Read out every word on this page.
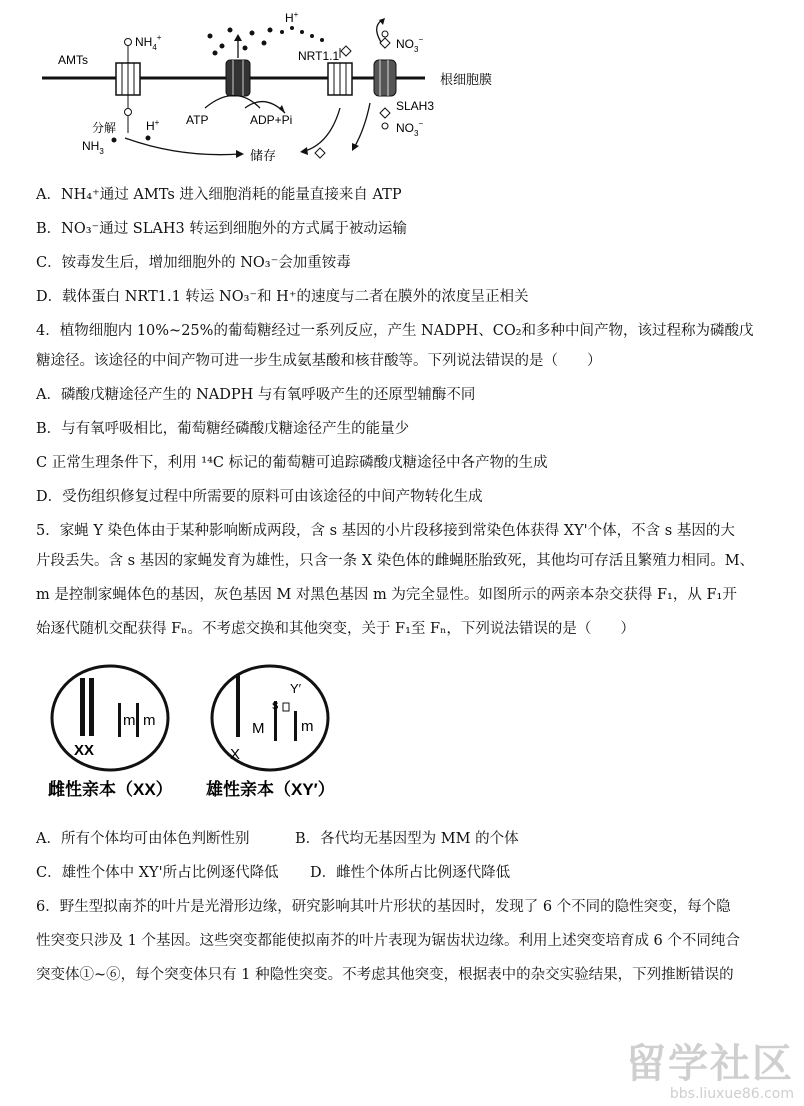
AMTs
$NH_4^+$
H+
NRT1.1
$NO_3^-$
根细胞膜
SLAH3
$NO_3^-$
分解 H+
$NH_3$
ATP	ADP+Pi
储存
A．NH₄⁺通过 AMTs 进入细胞消耗的能量直接来自 ATP
B．NO₃⁻通过 SLAH3 转运到细胞外的方式属于被动运输
C．铵毒发生后，增加细胞外的 NO₃⁻会加重铵毒
D．载体蛋白 NRT1.1 转运 NO₃⁻和 H⁺的速度与二者在膜外的浓度呈正相关
4．植物细胞内 10%~25%的葡萄糖经过一系列反应，产生 NADPH、CO₂和多种中间产物，该过程称为磷酸戊
糖途径。该途径的中间产物可进一步生成氨基酸和核苷酸等。下列说法错误的是（　　）
A．磷酸戊糖途径产生的 NADPH 与有氧呼吸产生的还原型辅酶不同
B．与有氧呼吸相比，葡萄糖经磷酸戊糖途径产生的能量少
C 正常生理条件下，利用 ¹⁴C 标记的葡萄糖可追踪磷酸戊糖途径中各产物的生成
D．受伤组织修复过程中所需要的原料可由该途径的中间产物转化生成
5．家蝇 Y 染色体由于某种影响断成两段，含 s 基因的小片段移接到常染色体获得 XY'个体，不含 s 基因的大
片段丢失。含 s 基因的家蝇发育为雄性，只含一条 X 染色体的雌蝇胚胎致死，其他均可存活且繁殖力相同。M、
m 是控制家蝇体色的基因，灰色基因 M 对黑色基因 m 为完全显性。如图所示的两亲本杂交获得 F₁，从 F₁开
始逐代随机交配获得 Fₙ。不考虑交换和其他突变，关于 F₁至 Fₙ，下列说法错误的是（　　）
XX
m m
X
M
s
Y′
m
雌性亲本（XX） 雄性亲本（XY′）
A．所有个体均可由体色判断性别	B．各代均无基因型为 MM 的个体
C．雄性个体中 XY'所占比例逐代降低	D．雌性个体所占比例逐代降低
6．野生型拟南芥的叶片是光滑形边缘，研究影响其叶片形状的基因时，发现了 6 个不同的隐性突变，每个隐
性突变只涉及 1 个基因。这些突变都能使拟南芥的叶片表现为锯齿状边缘。利用上述突变培育成 6 个不同纯合
突变体①~⑥，每个突变体只有 1 种隐性突变。不考虑其他突变，根据表中的杂交实验结果，下列推断错误的
留学社区
bbs.liuxue86.com
